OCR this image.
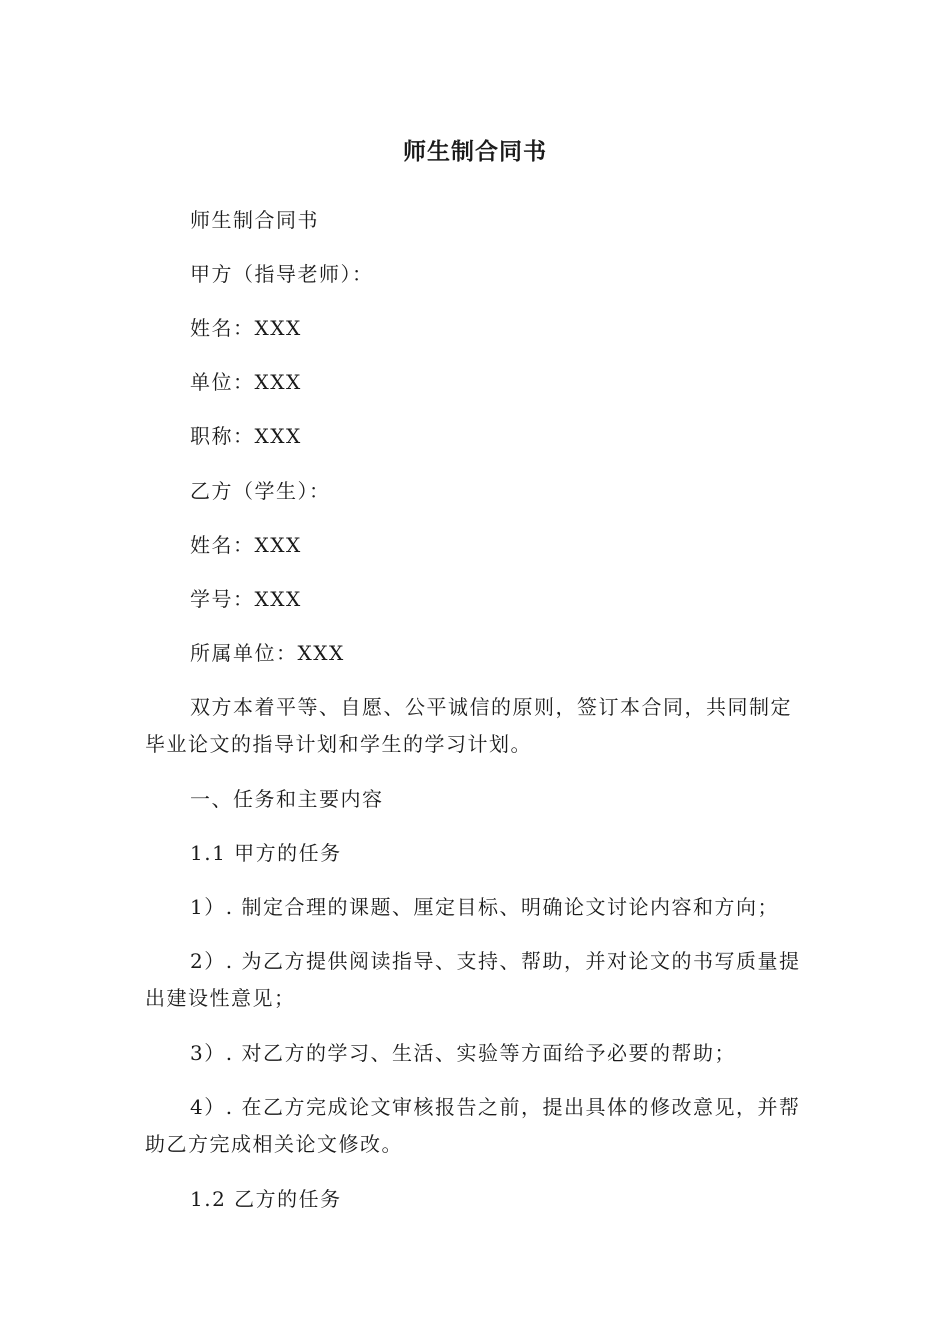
师生制合同书

师生制合同书

甲方（指导老师）：

姓名：XXX

单位：XXX

职称：XXX

乙方（学生）：

姓名：XXX

学号：XXX

所属单位：XXX

双方本着平等、自愿、公平诚信的原则，签订本合同，共同制定毕业论文的指导计划和学生的学习计划。

一、任务和主要内容

1.1 甲方的任务

1）. 制定合理的课题、厘定目标、明确论文讨论内容和方向；

2）. 为乙方提供阅读指导、支持、帮助，并对论文的书写质量提出建设性意见；

3）. 对乙方的学习、生活、实验等方面给予必要的帮助；

4）. 在乙方完成论文审核报告之前，提出具体的修改意见，并帮助乙方完成相关论文修改。

1.2 乙方的任务
